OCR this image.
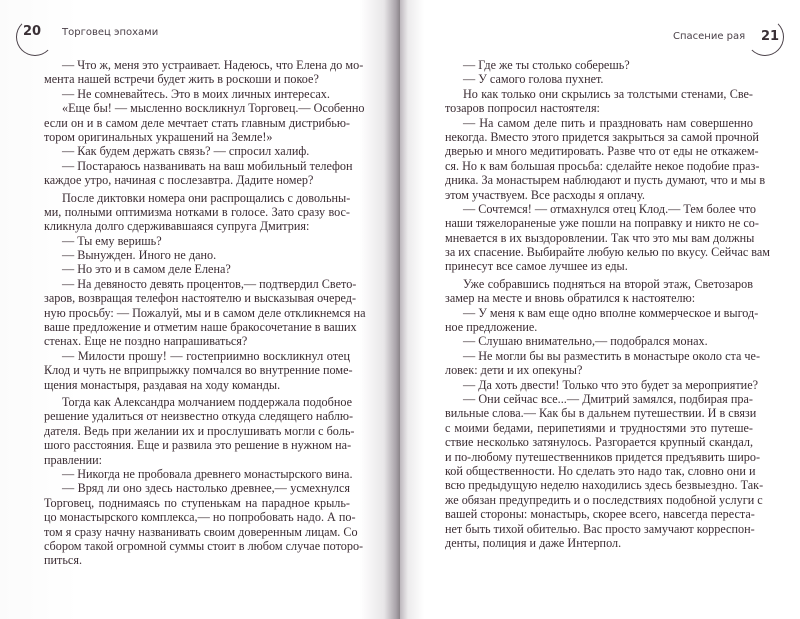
20 Торговец эпохами
— Что ж, меня это устраивает. Надеюсь, что Елена до мо-
мента нашей встречи будет жить в роскоши и покое?
— Не сомневайтесь. Это в моих личных интересах.
«Еще бы! — мысленно воскликнул Торговец.— Особенно
если он и в самом деле мечтает стать главным дистрибью-
тором оригинальных украшений на Земле!»
— Как будем держать связь? — спросил халиф.
— Постараюсь названивать на ваш мобильный телефон
каждое утро, начиная с послезавтра. Дадите номер?
После диктовки номера они распрощались с довольны-
ми, полными оптимизма нотками в голосе. Зато сразу вос-
кликнула долго сдерживавшаяся супруга Дмитрия:
— Ты ему веришь?
— Вынужден. Иного не дано.
— Но это и в самом деле Елена?
— На девяносто девять процентов,— подтвердил Свето-
заров, возвращая телефон настоятелю и высказывая очеред-
ную просьбу: — Пожалуй, мы и в самом деле откликнемся на
ваше предложение и отметим наше бракосочетание в ваших
стенах. Еще не поздно напрашиваться?
— Милости прошу! — гостеприимно воскликнул отец
Клод и чуть не вприпрыжку помчался во внутренние поме-
щения монастыря, раздавая на ходу команды.
Тогда как Александра молчанием поддержала подобное
решение удалиться от неизвестно откуда следящего наблю-
дателя. Ведь при желании их и прослушивать могли с боль-
шого расстояния. Еще и развила это решение в нужном на-
правлении:
— Никогда не пробовала древнего монастырского вина.
— Вряд ли оно здесь настолько древнее,— усмехнулся
Торговец, поднимаясь по ступенькам на парадное крыль-
цо монастырского комплекса,— но попробовать надо. А по-
том я сразу начну названивать своим доверенным лицам. Со
сбором такой огромной суммы стоит в любом случае поторо-
питься.
Спасение рая 21
— Где же ты столько соберешь?
— У самого голова пухнет.
Но как только они скрылись за толстыми стенами, Све-
тозаров попросил настоятеля:
— На самом деле пить и праздновать нам совершенно
некогда. Вместо этого придется закрыться за самой прочной
дверью и много медитировать. Разве что от еды не откажем-
ся. Но к вам большая просьба: сделайте некое подобие праз-
дника. За монастырем наблюдают и пусть думают, что и мы в
этом участвуем. Все расходы я оплачу.
— Сочтемся! — отмахнулся отец Клод.— Тем более что
наши тяжелораненые уже пошли на поправку и никто не со-
мневается в их выздоровлении. Так что это мы вам должны
за их спасение. Выбирайте любую келью по вкусу. Сейчас вам
принесут все самое лучшее из еды.
Уже собравшись подняться на второй этаж, Светозаров
замер на месте и вновь обратился к настоятелю:
— У меня к вам еще одно вполне коммерческое и выгод-
ное предложение.
— Слушаю внимательно,— подобрался монах.
— Не могли бы вы разместить в монастыре около ста че-
ловек: дети и их опекуны?
— Да хоть двести! Только что это будет за мероприятие?
— Они сейчас все...— Дмитрий замялся, подбирая пра-
вильные слова.— Как бы в дальнем путешествии. И в связи
с моими бедами, перипетиями и трудностями это путеше-
ствие несколько затянулось. Разгорается крупный скандал,
и по-любому путешественников придется предъявить широ-
кой общественности. Но сделать это надо так, словно они и
всю предыдущую неделю находились здесь безвыездно. Так-
же обязан предупредить и о последствиях подобной услуги с
вашей стороны: монастырь, скорее всего, навсегда переста-
нет быть тихой обителью. Вас просто замучают корреспон-
денты, полиция и даже Интерпол.
